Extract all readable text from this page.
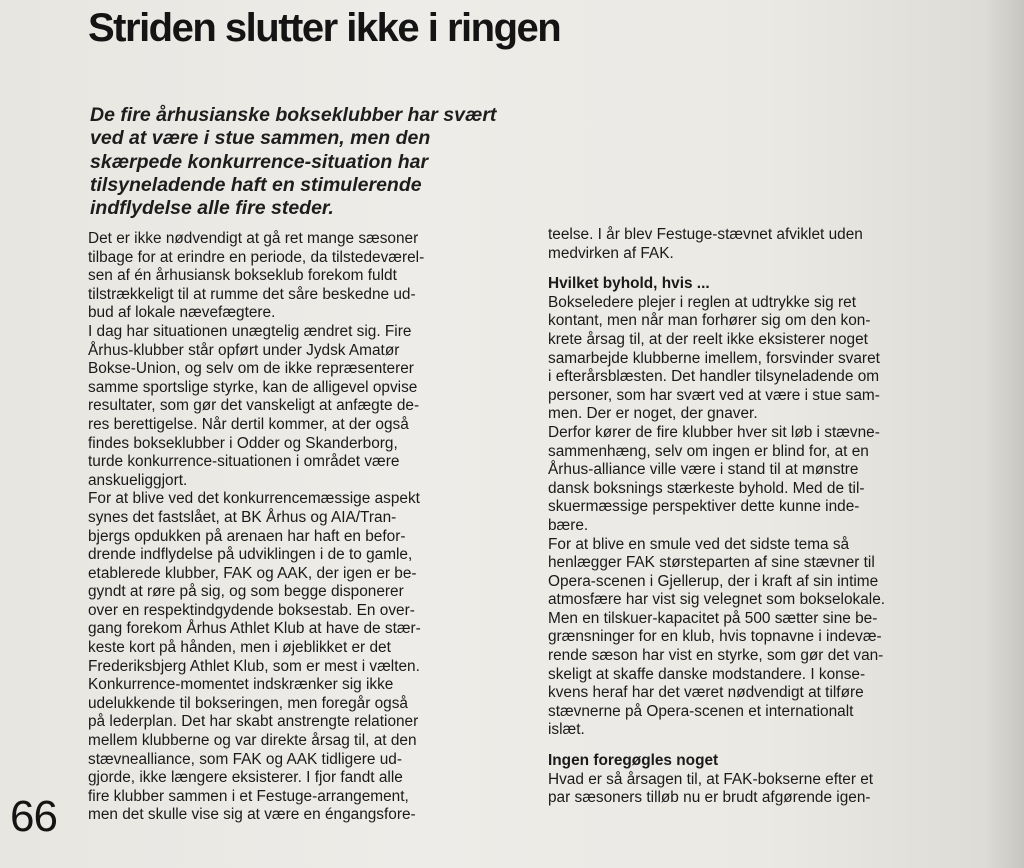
Striden slutter ikke i ringen

De fire århusianske bokseklubber har svært
ved at være i stue sammen, men den
skærpede konkurrence-situation har
tilsyneladende haft en stimulerende
indflydelse alle fire steder.

Det er ikke nødvendigt at gå ret mange sæsoner
tilbage for at erindre en periode, da tilstedeværel-
sen af én århusiansk bokseklub forekom fuldt
tilstrækkeligt til at rumme det såre beskedne ud-
bud af lokale nævefægtere.
I dag har situationen unægtelig ændret sig. Fire
Århus-klubber står opført under Jydsk Amatør
Bokse-Union, og selv om de ikke repræsenterer
samme sportslige styrke, kan de alligevel opvise
resultater, som gør det vanskeligt at anfægte de-
res berettigelse. Når dertil kommer, at der også
findes bokseklubber i Odder og Skanderborg,
turde konkurrence-situationen i området være
anskueliggjort.
For at blive ved det konkurrencemæssige aspekt
synes det fastslået, at BK Århus og AIA/Tran-
bjergs opdukken på arenaen har haft en befor-
drende indflydelse på udviklingen i de to gamle,
etablerede klubber, FAK og AAK, der igen er be-
gyndt at røre på sig, og som begge disponerer
over en respektindgydende boksestab. En over-
gang forekom Århus Athlet Klub at have de stær-
keste kort på hånden, men i øjeblikket er det
Frederiksbjerg Athlet Klub, som er mest i vælten.
Konkurrence-momentet indskrænker sig ikke
udelukkende til bokseringen, men foregår også
på lederplan. Det har skabt anstrengte relationer
mellem klubberne og var direkte årsag til, at den
stævnealliance, som FAK og AAK tidligere ud-
gjorde, ikke længere eksisterer. I fjor fandt alle
fire klubber sammen i et Festuge-arrangement,
men det skulle vise sig at være en éngangsfore-
teelse. I år blev Festuge-stævnet afviklet uden
medvirken af FAK.
Hvilket byhold, hvis ...
Bokseledere plejer i reglen at udtrykke sig ret
kontant, men når man forhører sig om den kon-
krete årsag til, at der reelt ikke eksisterer noget
samarbejde klubberne imellem, forsvinder svaret
i efterårsblæsten. Det handler tilsyneladende om
personer, som har svært ved at være i stue sam-
men. Der er noget, der gnaver.
Derfor kører de fire klubber hver sit løb i stævne-
sammenhæng, selv om ingen er blind for, at en
Århus-alliance ville være i stand til at mønstre
dansk boksnings stærkeste byhold. Med de til-
skuermæssige perspektiver dette kunne inde-
bære.
For at blive en smule ved det sidste tema så
henlægger FAK størsteparten af sine stævner til
Opera-scenen i Gjellerup, der i kraft af sin intime
atmosfære har vist sig velegnet som bokselokale.
Men en tilskuer-kapacitet på 500 sætter sine be-
grænsninger for en klub, hvis topnavne i indevæ-
rende sæson har vist en styrke, som gør det van-
skeligt at skaffe danske modstandere. I konse-
kvens heraf har det været nødvendigt at tilføre
stævnerne på Opera-scenen et internationalt
islæt.
Ingen foregøgles noget
Hvad er så årsagen til, at FAK-bokserne efter et
par sæsoners tilløb nu er brudt afgørende igen-
66
